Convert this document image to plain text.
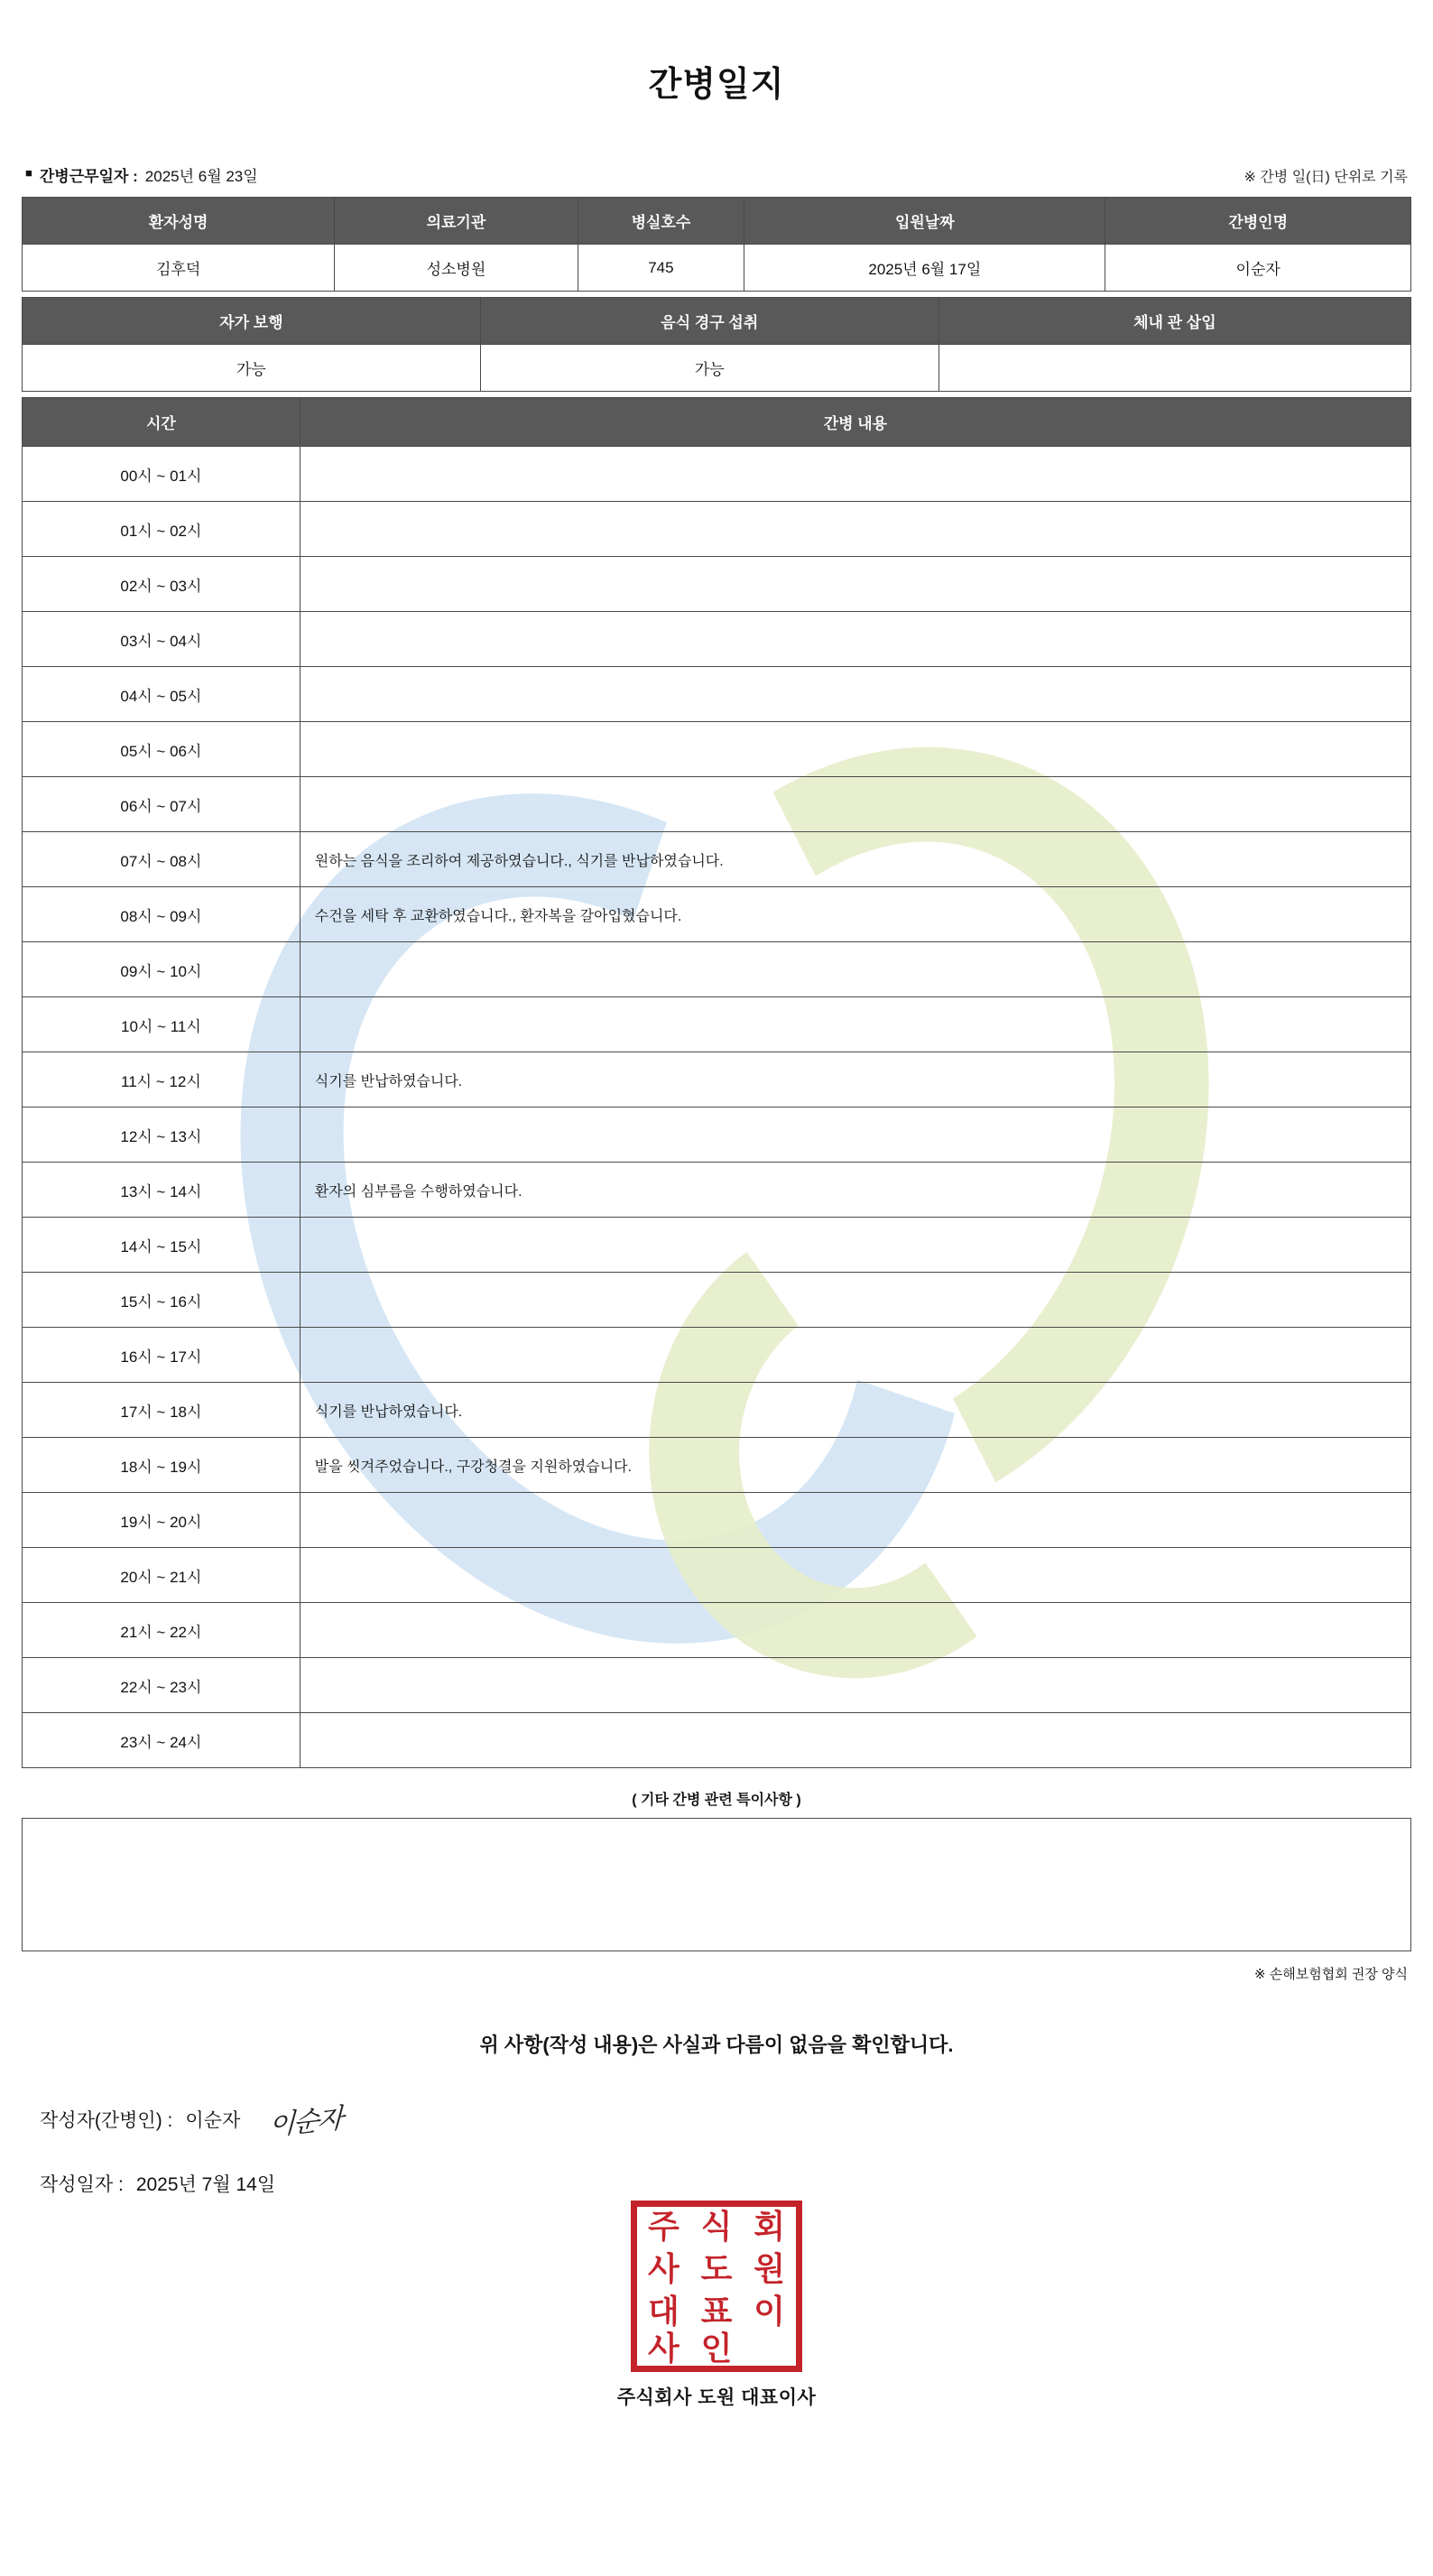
간병일지
■ 간병근무일자 : 2025년 6월 23일	※ 간병 일(日) 단위로 기록
환자성명	의료기관	병실호수	입원날짜	간병인명
김후덕	성소병원	745	2025년 6월 17일	이순자
자가 보행	음식 경구 섭취	체내 관 삽입
가능	가능	
시간	간병 내용
00시 ~ 01시	
01시 ~ 02시	
02시 ~ 03시	
03시 ~ 04시	
04시 ~ 05시	
05시 ~ 06시	
06시 ~ 07시	
07시 ~ 08시	원하는 음식을 조리하여 제공하였습니다., 식기를 반납하였습니다.
08시 ~ 09시	수건을 세탁 후 교환하였습니다., 환자복을 갈아입혔습니다.
09시 ~ 10시	
10시 ~ 11시	
11시 ~ 12시	식기를 반납하였습니다.
12시 ~ 13시	
13시 ~ 14시	환자의 심부름을 수행하였습니다.
14시 ~ 15시	
15시 ~ 16시	
16시 ~ 17시	
17시 ~ 18시	식기를 반납하였습니다.
18시 ~ 19시	발을 씻겨주었습니다., 구강청결을 지원하였습니다.
19시 ~ 20시	
20시 ~ 21시	
21시 ~ 22시	
22시 ~ 23시	
23시 ~ 24시	
( 기타 간병 관련 특이사항 )
※ 손해보험협회 권장 양식
위 사항(작성 내용)은 사실과 다름이 없음을 확인합니다.
작성자(간병인) : 이순자 이순자
작성일자 : 2025년 7월 14일
주 식 회
사 도 원
대 표 이
사 인
주식회사 도원 대표이사
